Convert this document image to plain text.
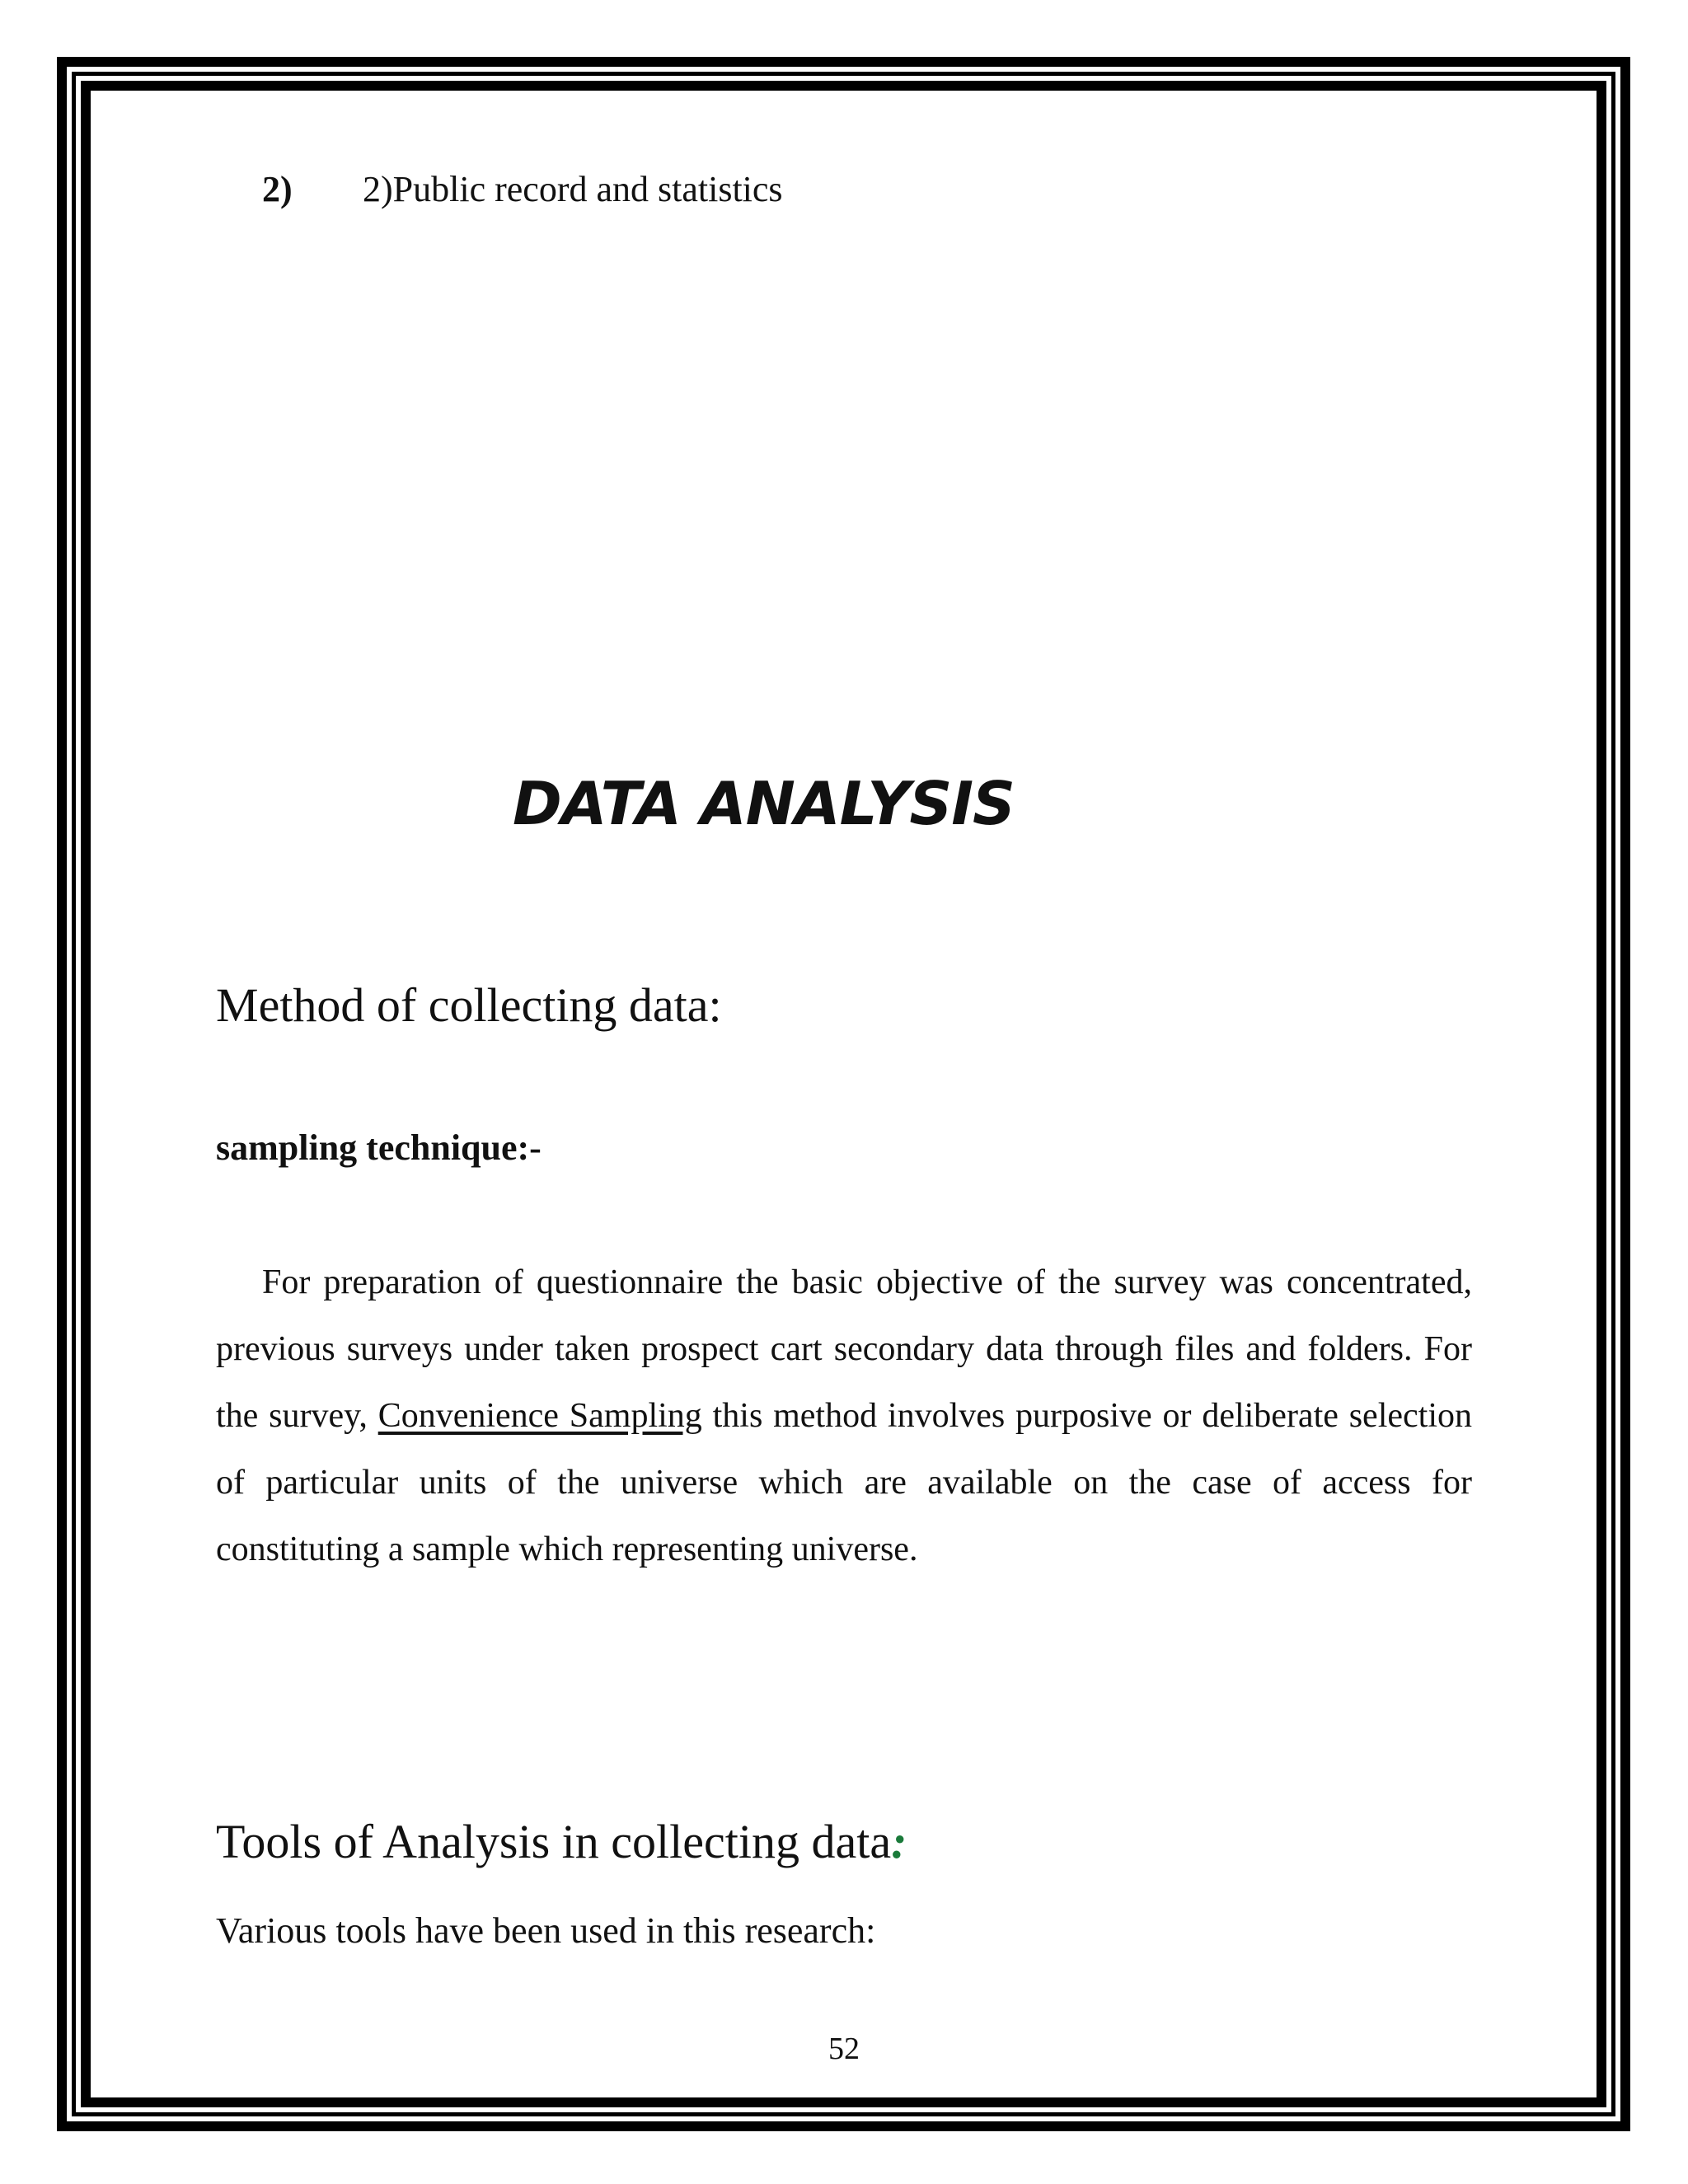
2) 2)Public record and statistics
DATA ANALYSIS
Method of collecting data:
sampling technique:-

For preparation of questionnaire the basic objective of the survey was concentrated, previous surveys under taken prospect cart secondary data through files and folders. For the survey, Convenience Sampling this method involves purposive or deliberate selection of particular units of the universe which are available on the case of access for constituting a sample which representing universe.

Tools of Analysis in collecting data:
Various tools have been used in this research:
52
